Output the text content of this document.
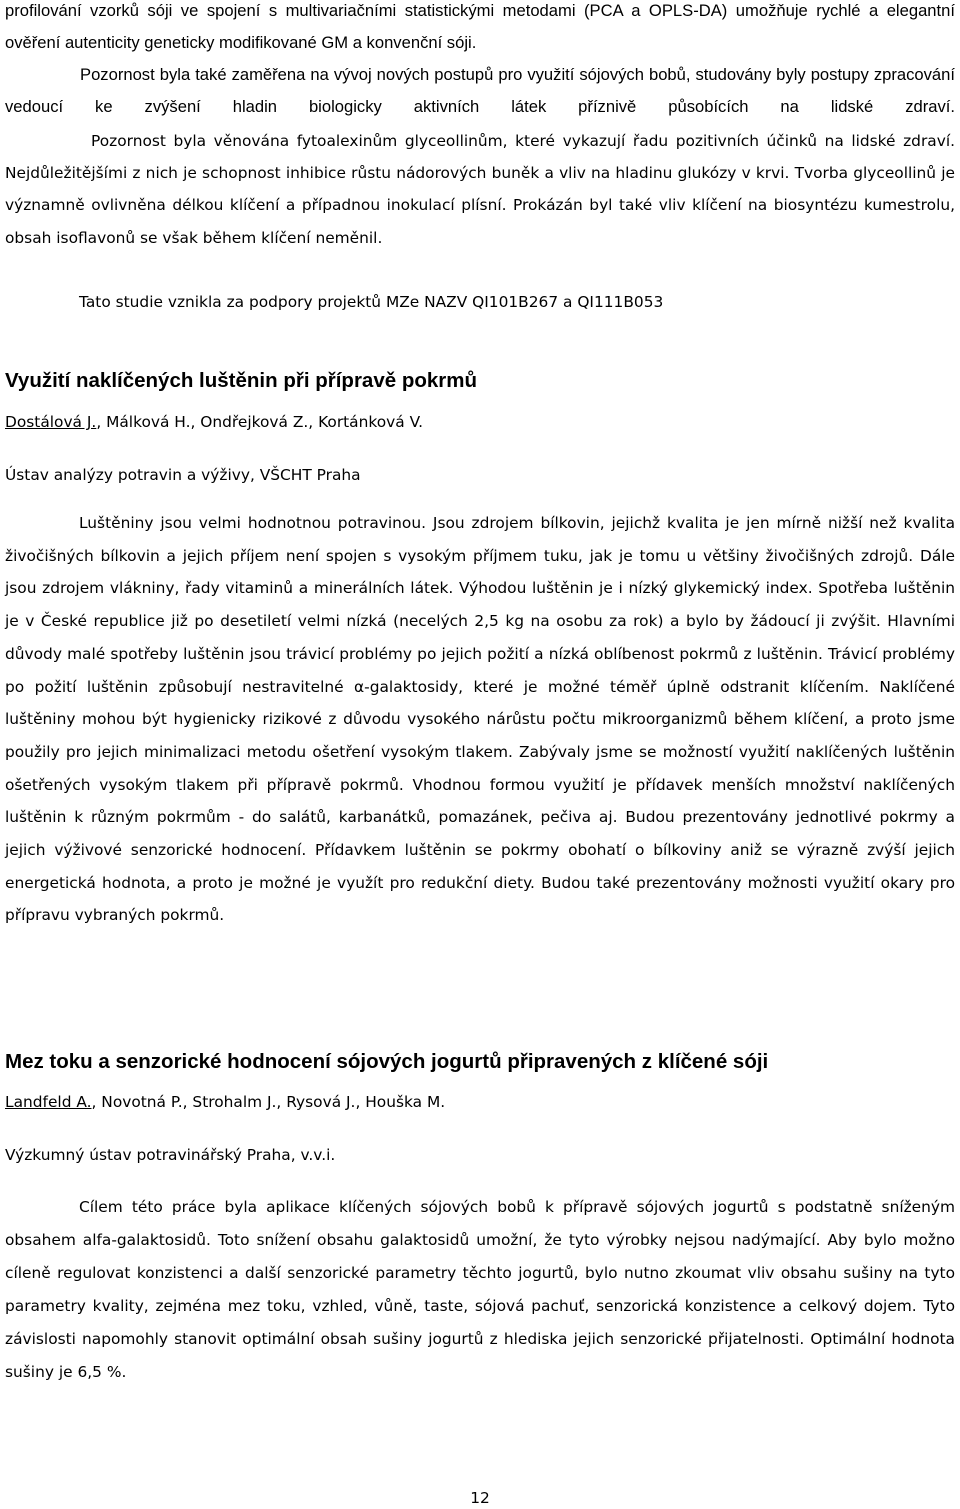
profilování vzorků sóji ve spojení s multivariačními statistickými metodami (PCA a OPLS-DA) umožňuje rychlé a elegantní ověření autenticity geneticky modifikované GM a konvenční sóji.

Pozornost byla také zaměřena na vývoj nových postupů pro využití sójových bobů, studovány byly postupy zpracování vedoucí ke zvýšení hladin biologicky aktivních látek příznivě působících na lidské zdraví.

Pozornost byla věnována fytoalexinům glyceollinům, které vykazují řadu pozitivních účinků na lidské zdraví. Nejdůležitějšími z nich je schopnost inhibice růstu nádorových buněk a vliv na hladinu glukózy v krvi. Tvorba glyceollinů je významně ovlivněna délkou klíčení a případnou inokulací plísní. Prokázán byl také vliv klíčení na biosyntézu kumestrolu, obsah isoflavonů se však během klíčení neměnil.

Tato studie vznikla za podpory projektů MZe NAZV QI101B267 a QI111B053
Využití naklíčených luštěnin při přípravě pokrmů
Dostálová J., Málková H., Ondřejková Z., Kortánková V.
Ústav analýzy potravin a výživy, VŠCHT Praha

Luštěniny jsou velmi hodnotnou potravinou. Jsou zdrojem bílkovin, jejichž kvalita je jen mírně nižší než kvalita živočišných bílkovin a jejich příjem není spojen s vysokým příjmem tuku, jak je tomu u většiny živočišných zdrojů. Dále jsou zdrojem vlákniny, řady vitaminů a minerálních látek. Výhodou luštěnin je i nízký glykemický index. Spotřeba luštěnin je v České republice již po desetiletí velmi nízká (necelých 2,5 kg na osobu za rok) a bylo by žádoucí ji zvýšit. Hlavními důvody malé spotřeby luštěnin jsou trávicí problémy po jejich požití a nízká oblíbenost pokrmů z luštěnin. Trávicí problémy po požití luštěnin způsobují nestravitelné α-galaktosidy, které je možné téměř úplně odstranit klíčením. Naklíčené luštěniny mohou být hygienicky rizikové z důvodu vysokého nárůstu počtu mikroorganizmů během klíčení, a proto jsme použily pro jejich minimalizaci metodu ošetření vysokým tlakem. Zabývaly jsme se možností využití naklíčených luštěnin ošetřených vysokým tlakem při přípravě pokrmů. Vhodnou formou využití je přídavek menších množství naklíčených luštěnin k různým pokrmům - do salátů, karbanátků, pomazánek, pečiva aj. Budou prezentovány jednotlivé pokrmy a jejich výživové senzorické hodnocení. Přídavkem luštěnin se pokrmy obohatí o bílkoviny aniž se výrazně zvýší jejich energetická hodnota, a proto je možné je využít pro redukční diety. Budou také prezentovány možnosti využití okary pro přípravu vybraných pokrmů.

Mez toku a senzorické hodnocení sójových jogurtů připravených z klíčené sóji
Landfeld A., Novotná P., Strohalm J., Rysová J., Houška M.
Výzkumný ústav potravinářský Praha, v.v.i.

Cílem této práce byla aplikace klíčených sójových bobů k přípravě sójových jogurtů s podstatně sníženým obsahem alfa-galaktosidů. Toto snížení obsahu galaktosidů umožní, že tyto výrobky nejsou nadýmající. Aby bylo možno cíleně regulovat konzistenci a další senzorické parametry těchto jogurtů, bylo nutno zkoumat vliv obsahu sušiny na tyto parametry kvality, zejména mez toku, vzhled, vůně, taste, sójová pachuť, senzorická konzistence a celkový dojem. Tyto závislosti napomohly stanovit optimální obsah sušiny jogurtů z hlediska jejich senzorické přijatelnosti. Optimální hodnota sušiny je 6,5 %.

12
